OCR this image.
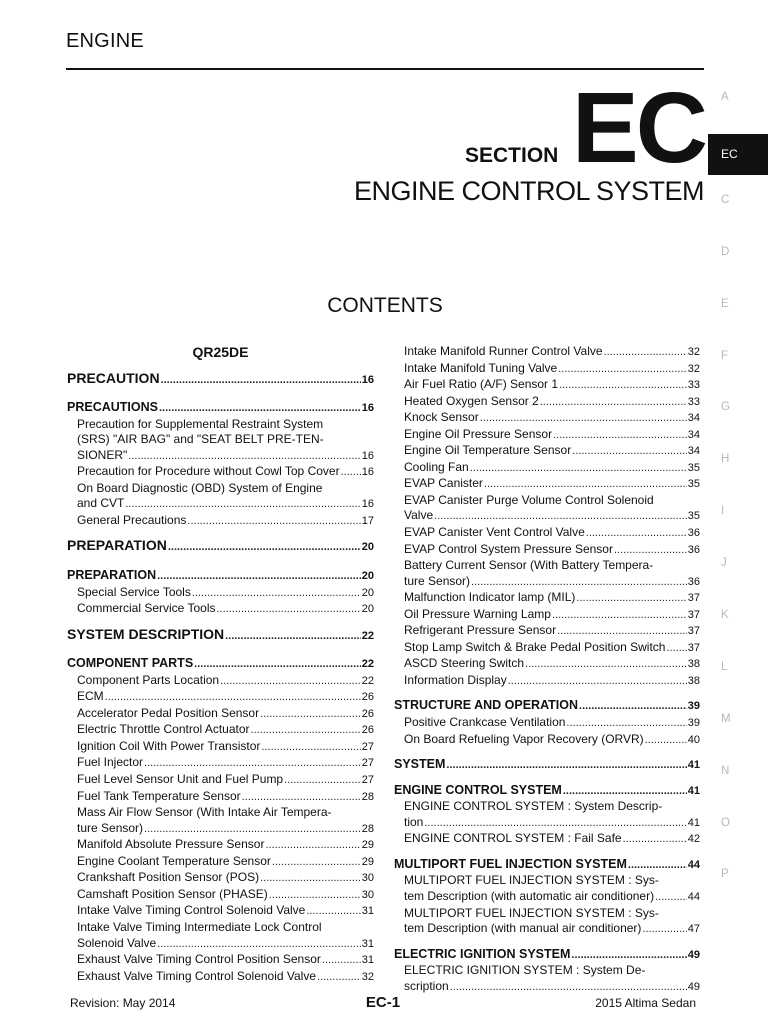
ENGINE
SECTION EC
ENGINE CONTROL SYSTEM
CONTENTS
A
EC
C
D
E
F
G
H
I
J
K
L
M
N
O
P
QR25DE
PRECAUTION .....	16
PRECAUTIONS .....	16
Precaution for Supplemental Restraint System
(SRS) "AIR BAG" and "SEAT BELT PRE-TEN-
SIONER" .....	16
Precaution for Procedure without Cowl Top Cover ..... 16
On Board Diagnostic (OBD) System of Engine
and CVT .....	16
General Precautions .....	17
PREPARATION .....	20
PREPARATION .....	20
Special Service Tools .....	20
Commercial Service Tools .....	20
SYSTEM DESCRIPTION .....	22
COMPONENT PARTS .....	22
Component Parts Location .....	22
ECM .....	26
Accelerator Pedal Position Sensor .....	26
Electric Throttle Control Actuator .....	26
Ignition Coil With Power Transistor .....	27
Fuel Injector .....	27
Fuel Level Sensor Unit and Fuel Pump .....	27
Fuel Tank Temperature Sensor .....	28
Mass Air Flow Sensor (With Intake Air Tempera-
ture Sensor) .....	28
Manifold Absolute Pressure Sensor .....	29
Engine Coolant Temperature Sensor .....	29
Crankshaft Position Sensor (POS) .....	30
Camshaft Position Sensor (PHASE) .....	30
Intake Valve Timing Control Solenoid Valve .....	31
Intake Valve Timing Intermediate Lock Control
Solenoid Valve .....	31
Exhaust Valve Timing Control Position Sensor .....	31
Exhaust Valve Timing Control Solenoid Valve .....	32
Intake Manifold Runner Control Valve .....	32
Intake Manifold Tuning Valve .....	32
Air Fuel Ratio (A/F) Sensor 1 .....	33
Heated Oxygen Sensor 2 .....	33
Knock Sensor .....	34
Engine Oil Pressure Sensor .....	34
Engine Oil Temperature Sensor .....	34
Cooling Fan .....	35
EVAP Canister .....	35
EVAP Canister Purge Volume Control Solenoid
Valve .....	35
EVAP Canister Vent Control Valve .....	36
EVAP Control System Pressure Sensor .....	36
Battery Current Sensor (With Battery Tempera-
ture Sensor) .....	36
Malfunction Indicator lamp (MIL) .....	37
Oil Pressure Warning Lamp .....	37
Refrigerant Pressure Sensor .....	37
Stop Lamp Switch & Brake Pedal Position Switch ..... 37
ASCD Steering Switch .....	38
Information Display .....	38
STRUCTURE AND OPERATION .....	39
Positive Crankcase Ventilation .....	39
On Board Refueling Vapor Recovery (ORVR) .....	40
SYSTEM .....	41
ENGINE CONTROL SYSTEM .....	41
ENGINE CONTROL SYSTEM : System Descrip-
tion .....	41
ENGINE CONTROL SYSTEM : Fail Safe .....	42
MULTIPORT FUEL INJECTION SYSTEM .....	44
MULTIPORT FUEL INJECTION SYSTEM : Sys-
tem Description (with automatic air conditioner) .....	44
MULTIPORT FUEL INJECTION SYSTEM : Sys-
tem Description (with manual air conditioner) .....	47
ELECTRIC IGNITION SYSTEM .....	49
ELECTRIC IGNITION SYSTEM : System De-
scription .....	49
Revision: May 2014	EC-1	2015 Altima Sedan
